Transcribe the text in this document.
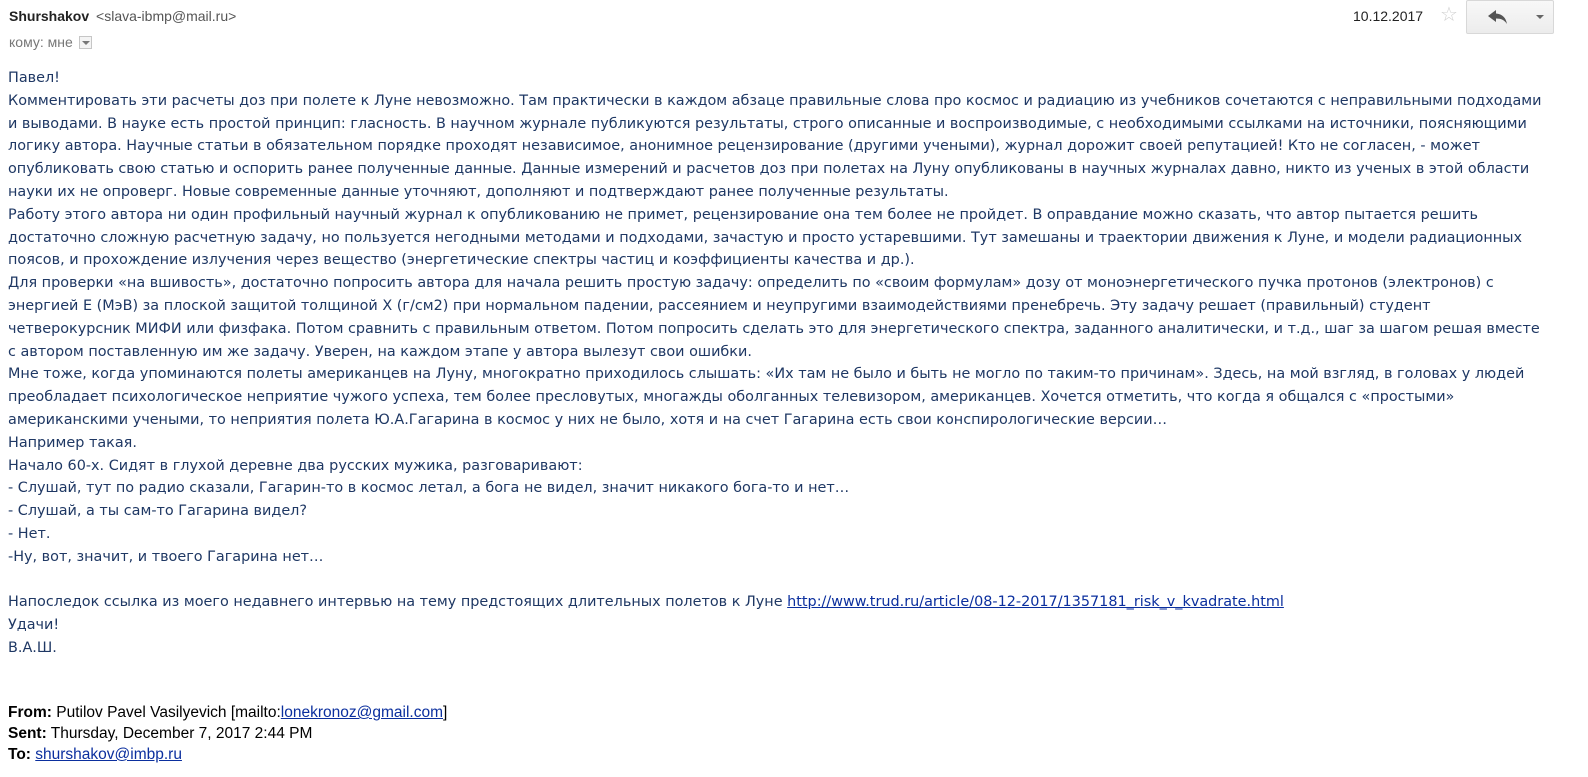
Shurshakov <slava-ibmp@mail.ru>
кому: мне
10.12.2017 ☆

Павел!

Комментировать эти расчеты доз при полете к Луне невозможно. Там практически в каждом абзаце правильные слова про космос и радиацию из учебников сочетаются с неправильными подходами и выводами. В науке есть простой принцип: гласность. В научном журнале публикуются результаты, строго описанные и воспроизводимые, с необходимыми ссылками на источники, поясняющими логику автора. Научные статьи в обязательном порядке проходят независимое, анонимное рецензирование (другими учеными), журнал дорожит своей репутацией! Кто не согласен, - может опубликовать свою статью и оспорить ранее полученные данные. Данные измерений и расчетов доз при полетах на Луну опубликованы в научных журналах давно, никто из ученых в этой области науки их не опроверг. Новые современные данные уточняют, дополняют и подтверждают ранее полученные результаты.

Работу этого автора ни один профильный научный журнал к опубликованию не примет, рецензирование она тем более не пройдет. В оправдание можно сказать, что автор пытается решить достаточно сложную расчетную задачу, но пользуется негодными методами и подходами, зачастую и просто устаревшими. Тут замешаны и траектории движения к Луне, и модели радиационных поясов, и прохождение излучения через вещество (энергетические спектры частиц и коэффициенты качества и др.).

Для проверки «на вшивость», достаточно попросить автора для начала решить простую задачу: определить по «своим формулам» дозу от моноэнергетического пучка протонов (электронов) с энергией Е (МэВ) за плоской защитой толщиной Х (г/см2) при нормальном падении, рассеянием и неупругими взаимодействиями пренебречь. Эту задачу решает (правильный) студент четверокурсник МИФИ или физфака. Потом сравнить с правильным ответом. Потом попросить сделать это для энергетического спектра, заданного аналитически, и т.д., шаг за шагом решая вместе с автором поставленную им же задачу. Уверен, на каждом этапе у автора вылезут свои ошибки.

Мне тоже, когда упоминаются полеты американцев на Луну, многократно приходилось слышать: «Их там не было и быть не могло по таким-то причинам». Здесь, на мой взгляд, в головах у людей преобладает психологическое неприятие чужого успеха, тем более пресловутых, многажды оболганных телевизором, американцев. Хочется отметить, что когда я общался с «простыми» американскими учеными, то неприятия полета Ю.А.Гагарина в космос у них не было, хотя и на счет Гагарина есть свои конспирологические версии…

Например такая.

Начало 60-х. Сидят в глухой деревне два русских мужика, разговаривают:

- Слушай, тут по радио сказали, Гагарин-то в космос летал, а бога не видел, значит никакого бога-то и нет…

- Слушай, а ты сам-то Гагарина видел?

- Нет.

-Ну, вот, значит, и твоего Гагарина нет…

Напоследок ссылка из моего недавнего интервью на тему предстоящих длительных полетов к Луне http://www.trud.ru/article/08-12-2017/1357181_risk_v_kvadrate.html

Удачи!

В.А.Ш.

From: Putilov Pavel Vasilyevich [mailto:lonekronoz@gmail.com]

Sent: Thursday, December 7, 2017 2:44 PM

To: shurshakov@imbp.ru
